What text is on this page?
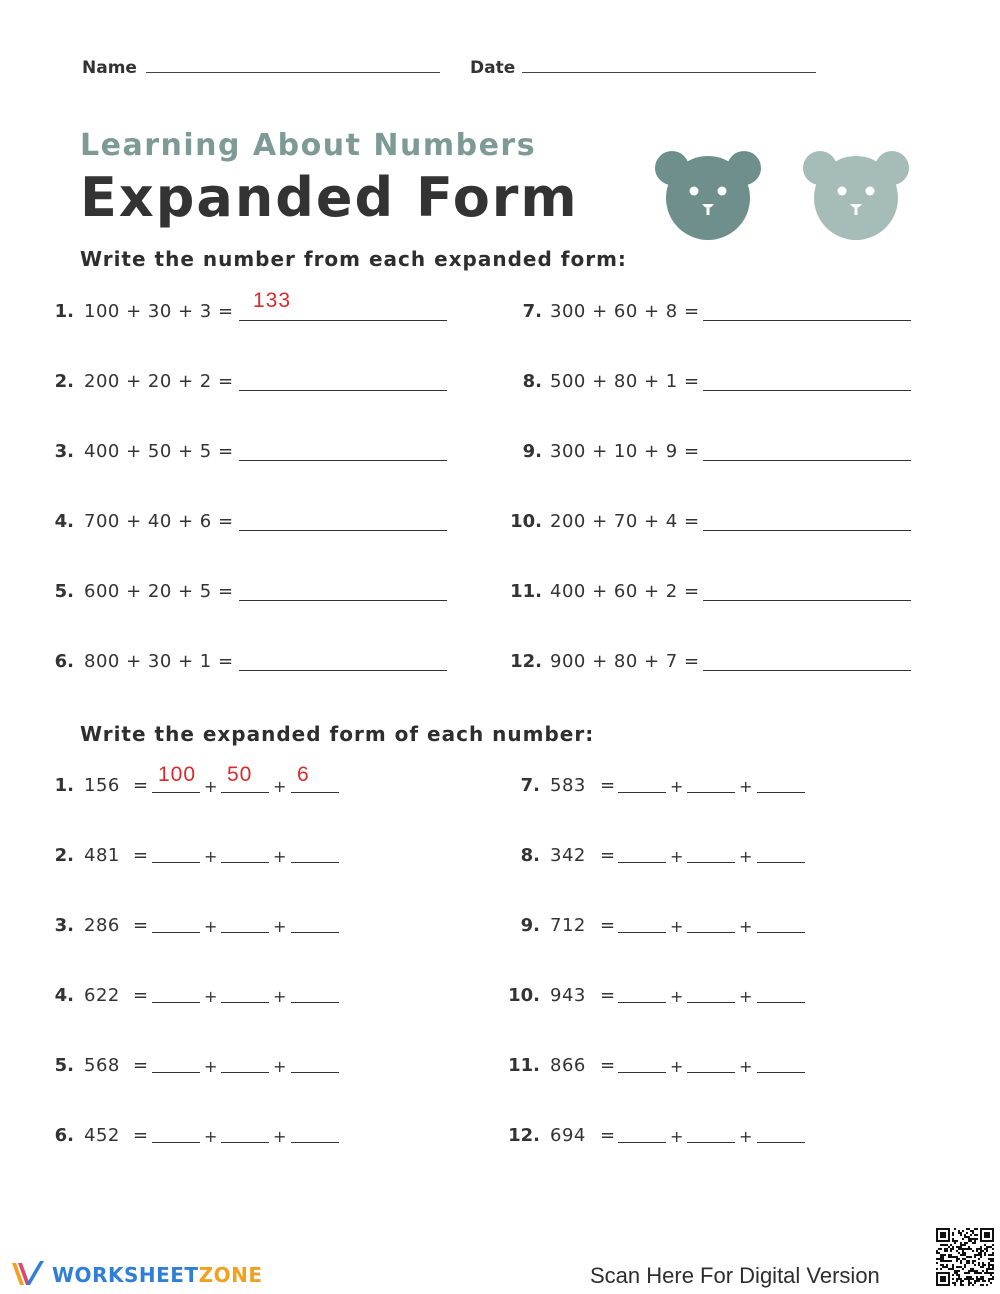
Name	Date
Learning About Numbers
Expanded Form
Write the number from each expanded form:
1. 100 + 30 + 3 = 133
2. 200 + 20 + 2 =
3. 400 + 50 + 5 =
4. 700 + 40 + 6 =
5. 600 + 20 + 5 =
6. 800 + 30 + 1 =
7. 300 + 60 + 8 =
8. 500 + 80 + 1 =
9. 300 + 10 + 9 =
10. 200 + 70 + 4 =
11. 400 + 60 + 2 =
12. 900 + 80 + 7 =
Write the expanded form of each number:
1. 156 = 100
+
50
+
6
2. 481 =	+	+
3. 286 =	+	+
4. 622 =	+	+
5. 568 =	+	+
6. 452 =	+	+
7. 583 =	+	+
8. 342 =	+	+
9. 712 =	+	+
10. 943 =	+	+
11. 866 =	+	+
12. 694 =	+	+
WORKSHEETZONE	Scan Here For Digital Version
